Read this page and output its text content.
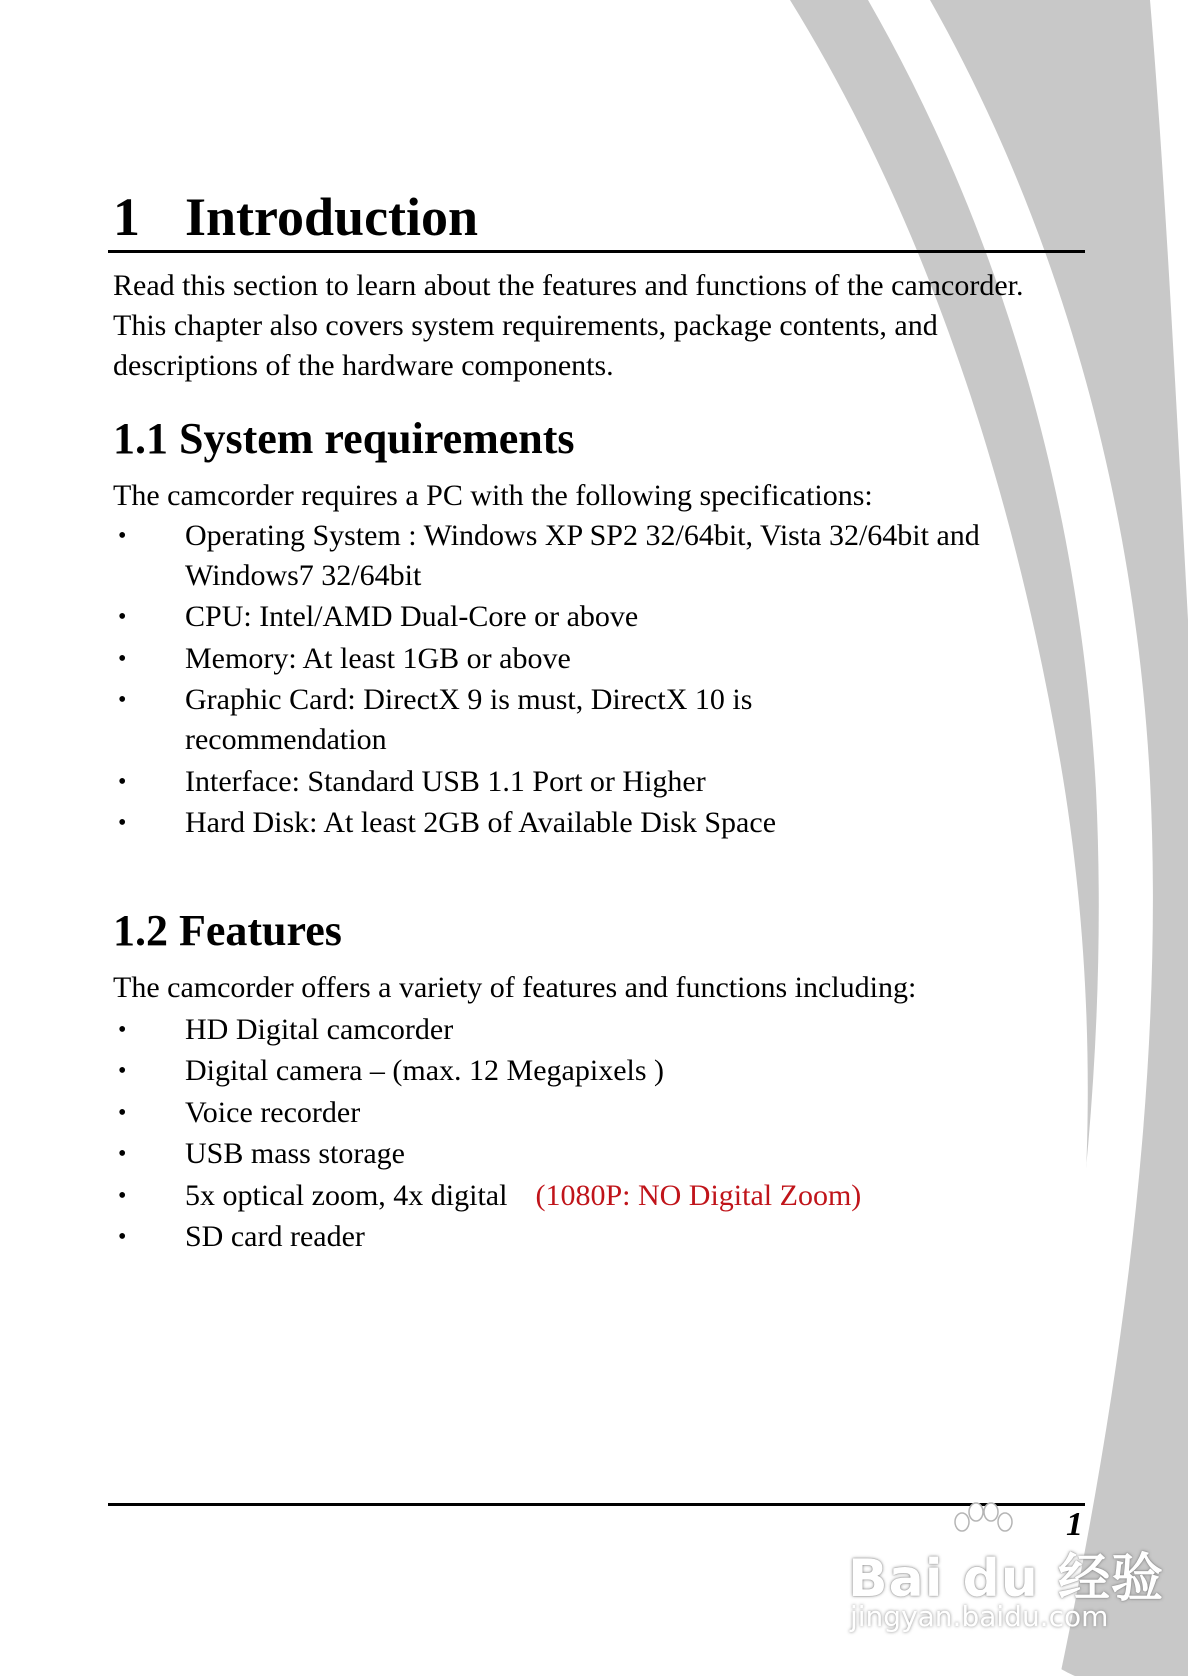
1 Introduction

Read this section to learn about the features and functions of the camcorder. This chapter also covers system requirements, package contents, and descriptions of the hardware components.

1.1 System requirements

The camcorder requires a PC with the following specifications:

• Operating System : Windows XP SP2 32/64bit, Vista 32/64bit and Windows7 32/64bit
• CPU: Intel/AMD Dual-Core or above
• Memory: At least 1GB or above
• Graphic Card: DirectX 9 is must, DirectX 10 is recommendation
• Interface: Standard USB 1.1 Port or Higher
• Hard Disk: At least 2GB of Available Disk Space
1.2 Features

The camcorder offers a variety of features and functions including:

• HD Digital camcorder
• Digital camera – (max. 12 Megapixels )
• Voice recorder
• USB mass storage
• 5x optical zoom, 4x digital (1080P: NO Digital Zoom)
• SD card reader
1
Bai du 经验
jingyan.baidu.com
